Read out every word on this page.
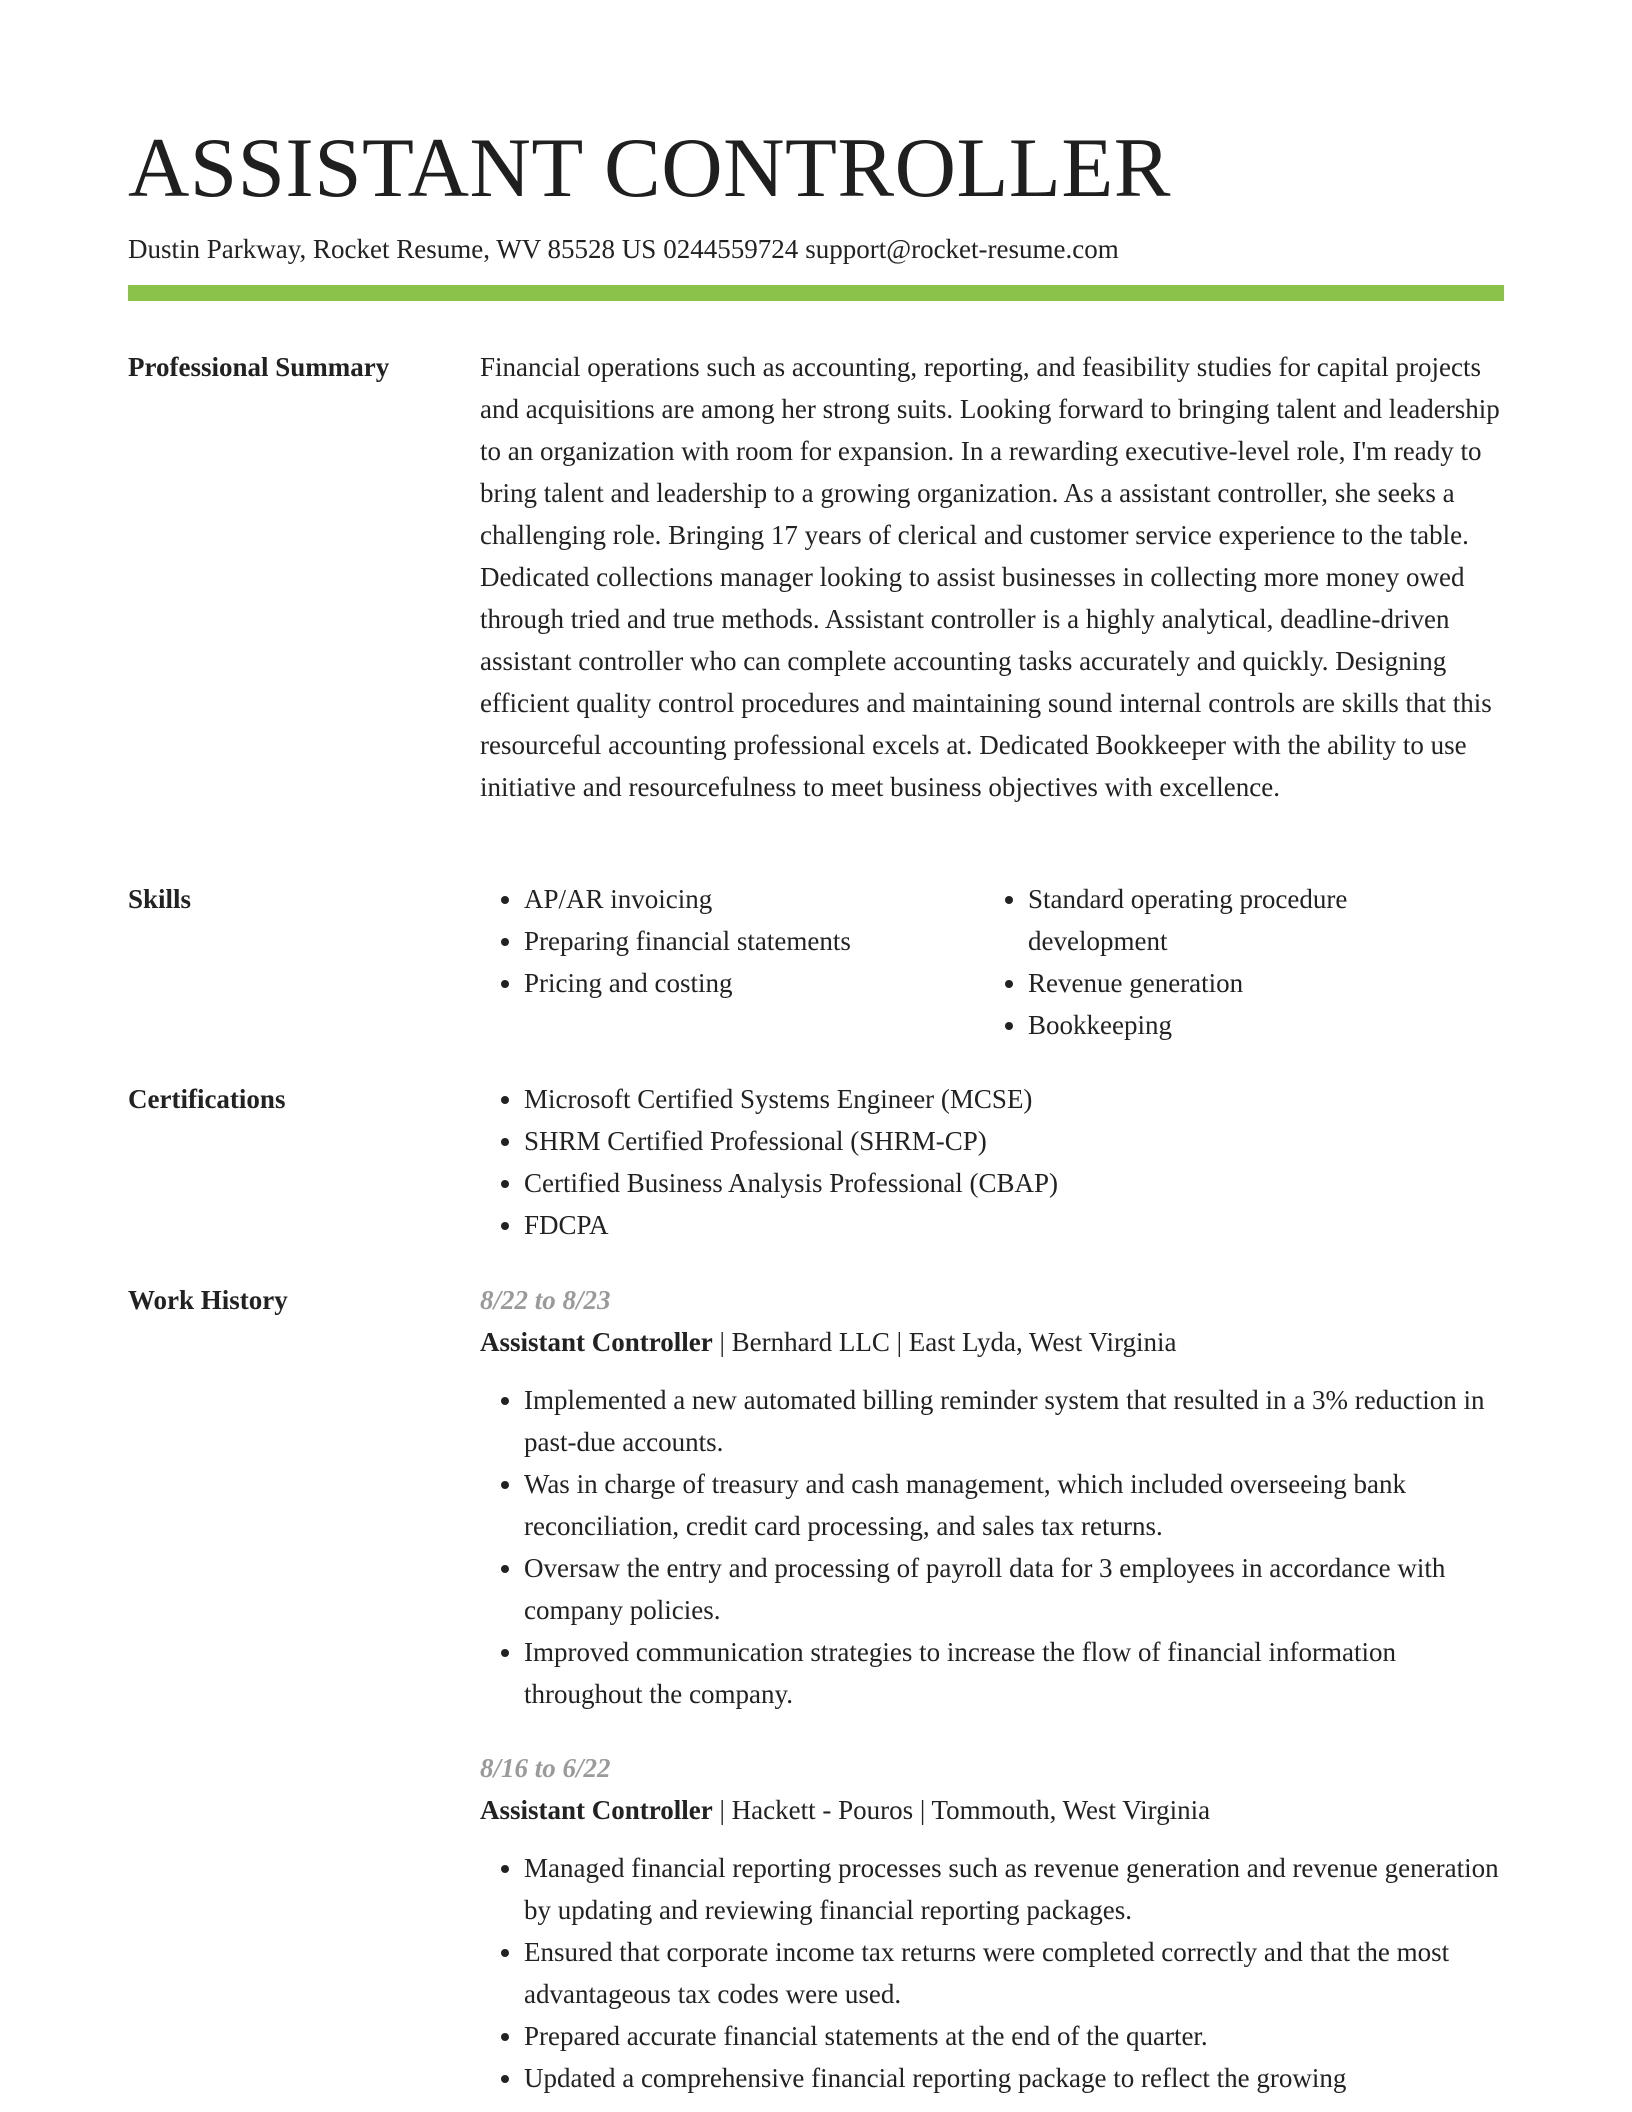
ASSISTANT CONTROLLER
Dustin Parkway, Rocket Resume, WV 85528 US 0244559724 support@rocket-resume.com
Professional Summary	Financial operations such as accounting, reporting, and feasibility studies for capital projects and acquisitions are among her strong suits. Looking forward to bringing talent and leadership to an organization with room for expansion. In a rewarding executive-level role, I'm ready to bring talent and leadership to a growing organization. As a assistant controller, she seeks a challenging role. Bringing 17 years of clerical and customer service experience to the table. Dedicated collections manager looking to assist businesses in collecting more money owed through tried and true methods. Assistant controller is a highly analytical, deadline-driven assistant controller who can complete accounting tasks accurately and quickly. Designing efficient quality control procedures and maintaining sound internal controls are skills that this resourceful accounting professional excels at. Dedicated Bookkeeper with the ability to use initiative and resourcefulness to meet business objectives with excellence.

Skills	• AP/AR invoicing
• Preparing financial statements
• Pricing and costing
• Standard operating procedure development
• Revenue generation
• Bookkeeping
Certifications	• Microsoft Certified Systems Engineer (MCSE)
• SHRM Certified Professional (SHRM-CP)
• Certified Business Analysis Professional (CBAP)
• FDCPA
Work History	8/22 to 8/23
Assistant Controller | Bernhard LLC | East Lyda, West Virginia
• Implemented a new automated billing reminder system that resulted in a 3% reduction in past-due accounts.
• Was in charge of treasury and cash management, which included overseeing bank reconciliation, credit card processing, and sales tax returns.
• Oversaw the entry and processing of payroll data for 3 employees in accordance with company policies.
• Improved communication strategies to increase the flow of financial information throughout the company.
8/16 to 6/22
Assistant Controller | Hackett - Pouros | Tommouth, West Virginia
• Managed financial reporting processes such as revenue generation and revenue generation by updating and reviewing financial reporting packages.
• Ensured that corporate income tax returns were completed correctly and that the most advantageous tax codes were used.
• Prepared accurate financial statements at the end of the quarter.
• Updated a comprehensive financial reporting package to reflect the growing
